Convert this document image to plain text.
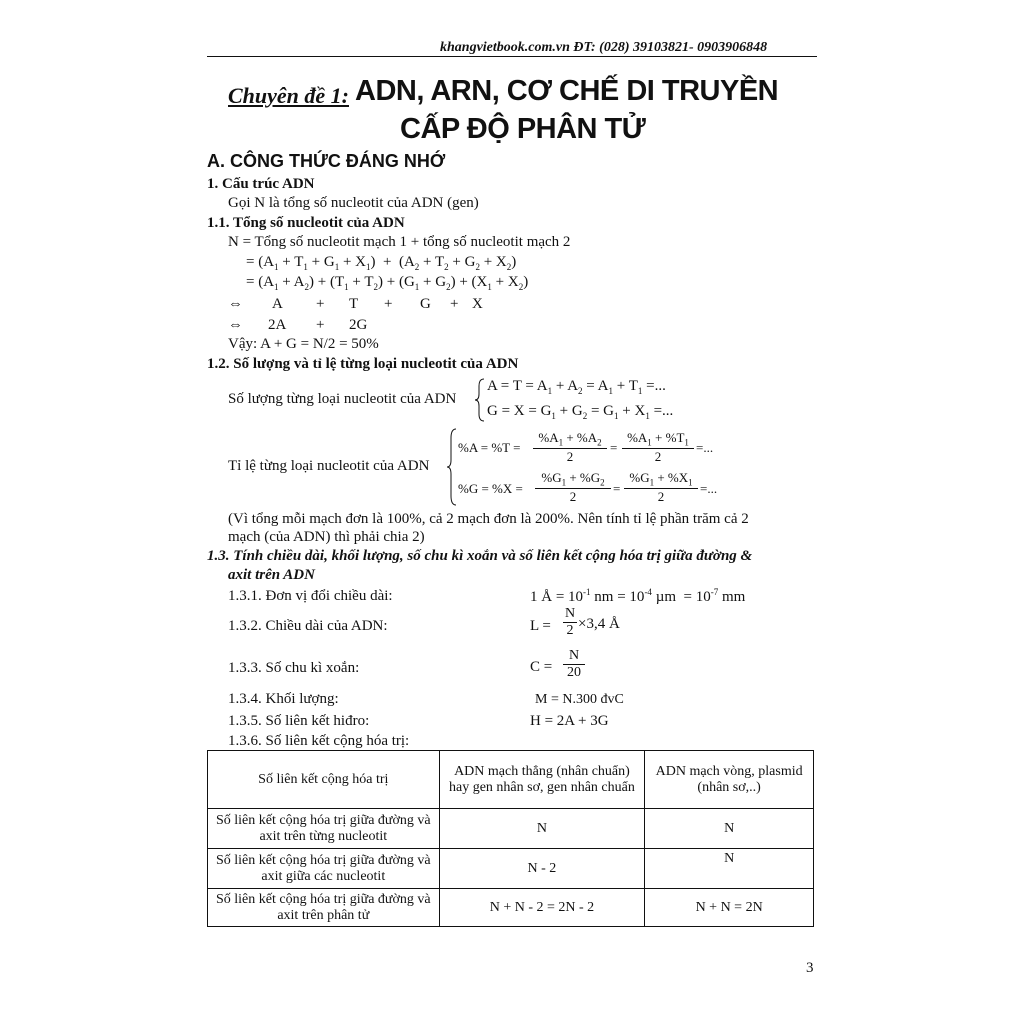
khangvietbook.com.vn ĐT: (028) 39103821- 0903906848
Chuyên đề 1: ADN, ARN, CƠ CHẾ DI TRUYỀN
CẤP ĐỘ PHÂN TỬ
A. CÔNG THỨC ĐÁNG NHỚ
1. Cấu trúc ADN
Gọi N là tổng số nucleotit của ADN (gen)
1.1. Tổng số nucleotit của ADN
N = Tổng số nucleotit mạch 1 + tổng số nucleotit mạch 2
= $(A_1 + T_1 + G_1 + X_1) + (A_2 + T_2 + G_2 + X_2)$
= $(A_1 + A_2) + (T_1 + T_2) + (G_1 + G_2) + (X_1 + X_2)$
⇔ A + T + G + X
⇔ 2A + 2G
Vậy: A + G = N/2 = 50%
1.2. Số lượng và tỉ lệ từng loại nucleotit của ADN
Số lượng từng loại nucleotit của ADN
$A = T = A_1 + A_2 = A_1 + T_1$ =...
$G = X = G_1 + G_2 = G_1 + X_1$ =...
Tỉ lệ từng loại nucleotit của ADN
$\%A = \%T = \frac{\%A_1 + \%A_2}{2} = \frac{\%A_1 + \%T_1}{2}$ =...
$\%G = \%X = \frac{\%G_1 + \%G_2}{2} = \frac{\%G_1 + \%X_1}{2}$ =...
(Vì tổng mỗi mạch đơn là 100%, cả 2 mạch đơn là 200%. Nên tính tỉ lệ phần trăm cả 2
mạch (của ADN) thì phải chia 2)
1.3. Tính chiều dài, khối lượng, số chu kì xoắn và số liên kết cộng hóa trị giữa đường &
axit trên ADN
1.3.1. Đơn vị đổi chiều dài:	1 Å = $10^{-1}$ nm = $10^{-4}$ $\mu m = 10^{-7}$ mm
1.3.2. Chiều dài của ADN:	$L = \frac{N}{2} \times 3,4$ Å
1.3.3. Số chu kì xoắn:	$C = \frac{N}{20}$
1.3.4. Khối lượng:	M = N.300 đvC
1.3.5. Số liên kết hiđro:	H = 2A + 3G
1.3.6. Số liên kết cộng hóa trị:
Số liên kết cộng hóa trị	ADN mạch thẳng (nhân chuẩn) hay gen nhân sơ, gen nhân chuẩn	ADN mạch vòng, plasmid (nhân sơ,..)
Số liên kết cộng hóa trị giữa đường và axit trên từng nucleotit	N	N
Số liên kết cộng hóa trị giữa đường và axit giữa các nucleotit	N - 2	N
Số liên kết cộng hóa trị giữa đường và axit trên phân tử	N + N - 2 = 2N - 2	N + N = 2N
3
